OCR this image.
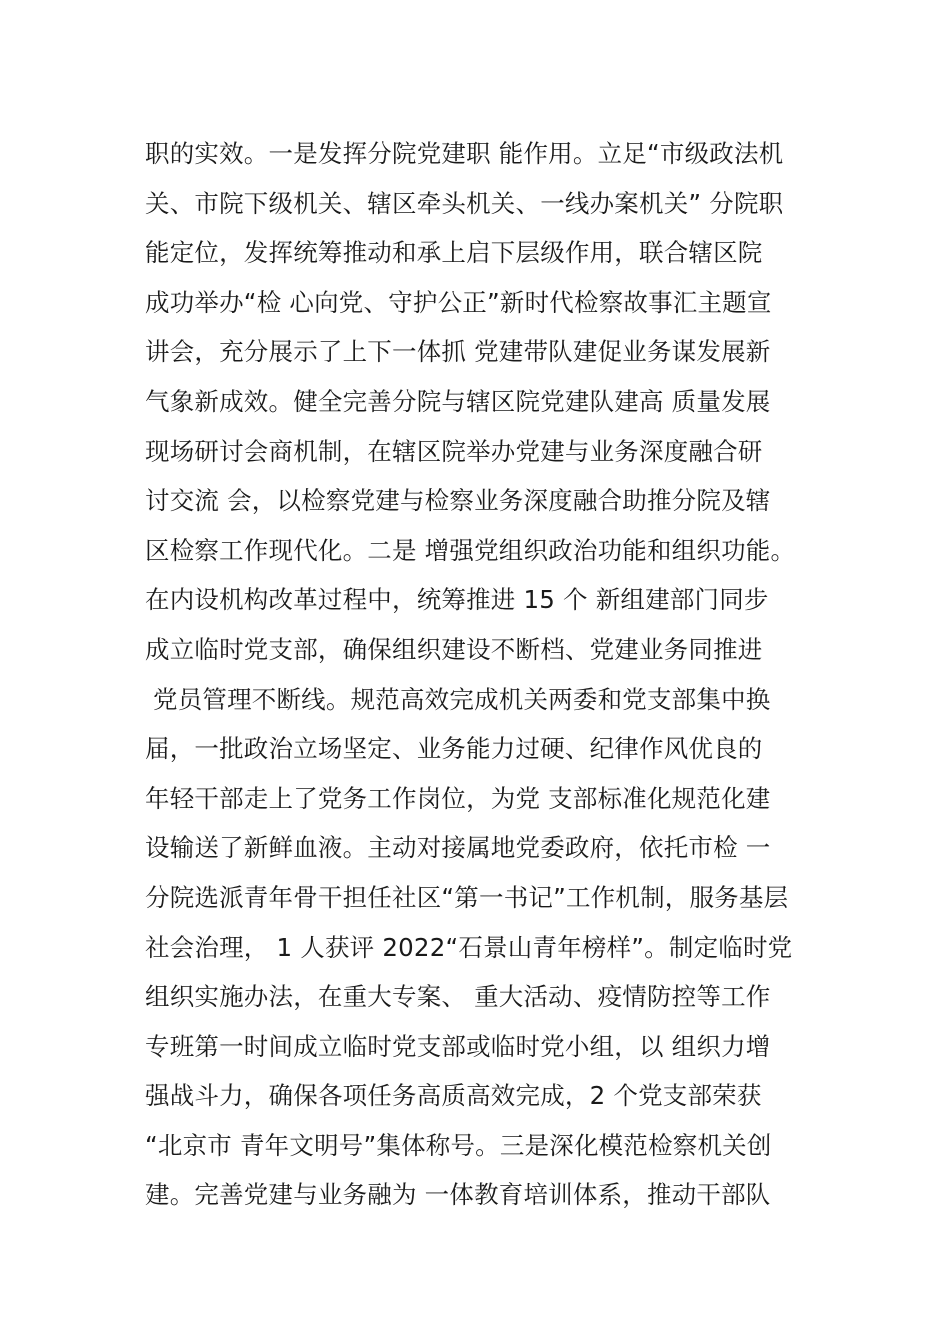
职的实效。一是发挥分院党建职 能作用。立足“市级政法机
关、市院下级机关、辖区牵头机关、一线办案机关” 分院职
能定位，发挥统筹推动和承上启下层级作用，联合辖区院
成功举办“检 心向党、守护公正”新时代检察故事汇主题宣
讲会，充分展示了上下一体抓 党建带队建促业务谋发展新
气象新成效。健全完善分院与辖区院党建队建高 质量发展
现场研讨会商机制，在辖区院举办党建与业务深度融合研
讨交流 会，以检察党建与检察业务深度融合助推分院及辖
区检察工作现代化。二是 增强党组织政治功能和组织功能。
在内设机构改革过程中，统筹推进 15 个 新组建部门同步
成立临时党支部，确保组织建设不断档、党建业务同推进
党员管理不断线。规范高效完成机关两委和党支部集中换
届，一批政治立场坚定、业务能力过硬、纪律作风优良的
年轻干部走上了党务工作岗位，为党 支部标准化规范化建
设输送了新鲜血液。主动对接属地党委政府，依托市检 一
分院选派青年骨干担任社区“第一书记”工作机制，服务基层
社会治理， 1 人获评 2022“石景山青年榜样”。制定临时党
组织实施办法，在重大专案、 重大活动、疫情防控等工作
专班第一时间成立临时党支部或临时党小组，以 组织力增
强战斗力，确保各项任务高质高效完成，2 个党支部荣获
“北京市 青年文明号”集体称号。三是深化模范检察机关创
建。完善党建与业务融为 一体教育培训体系，推动干部队
